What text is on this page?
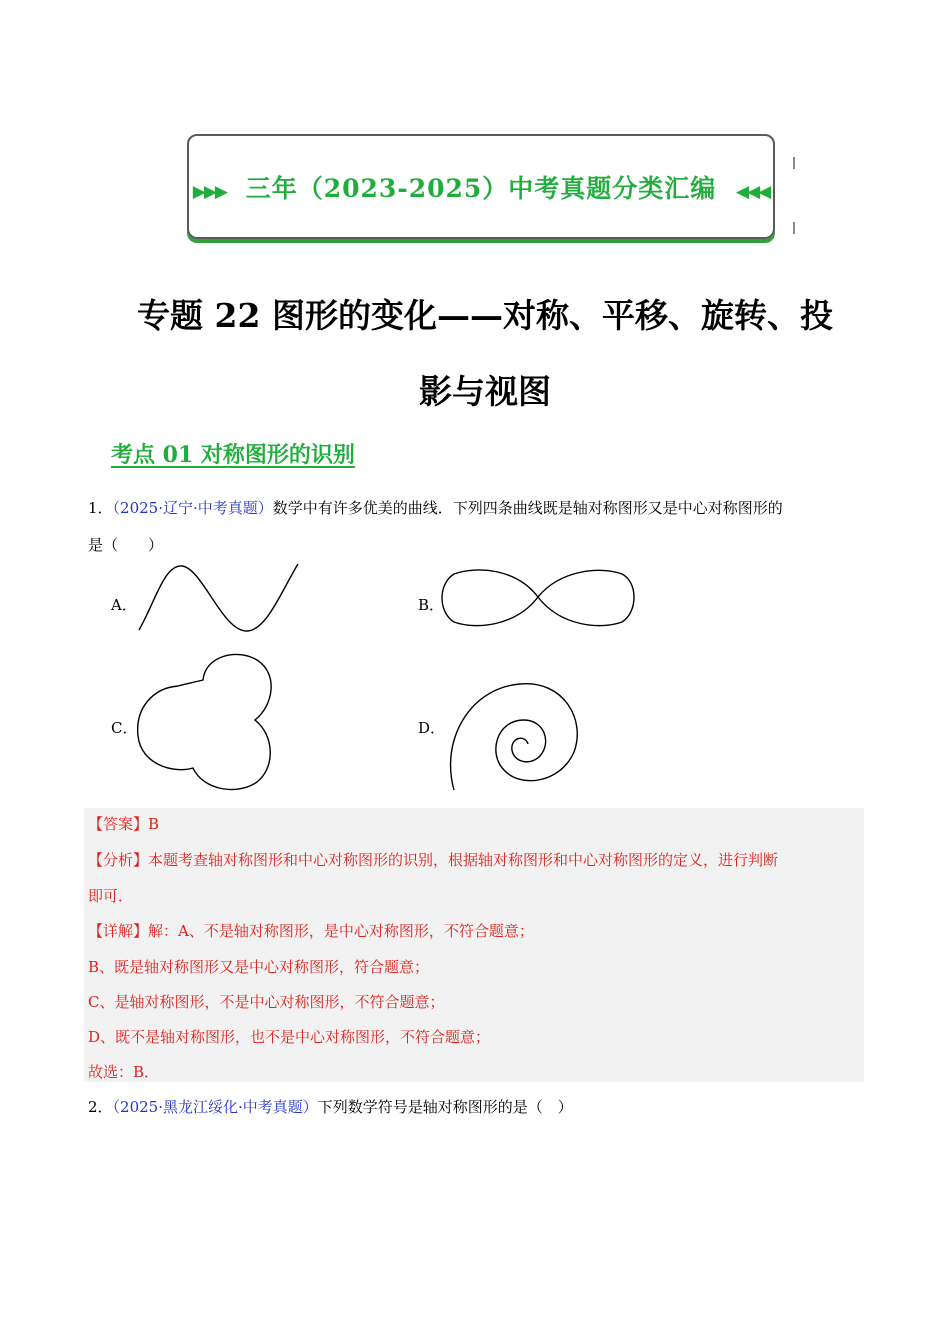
▶▶▶ 三年（2023-2025）中考真题分类汇编 ◀◀◀
专题 22 图形的变化——对称、平移、旋转、投
影与视图
考点 01 对称图形的识别
1．（2025·辽宁·中考真题）数学中有许多优美的曲线．下列四条曲线既是轴对称图形又是中心对称图形的
是（　　）
A．	B．
C．	D．
【答案】B
【分析】本题考查轴对称图形和中心对称图形的识别，根据轴对称图形和中心对称图形的定义，进行判断
即可．
【详解】解：A、不是轴对称图形，是中心对称图形，不符合题意；
B、既是轴对称图形又是中心对称图形，符合题意；
C、是轴对称图形，不是中心对称图形，不符合题意；
D、既不是轴对称图形，也不是中心对称图形，不符合题意；
故选：B．
2．（2025·黑龙江绥化·中考真题）下列数学符号是轴对称图形的是（　）
